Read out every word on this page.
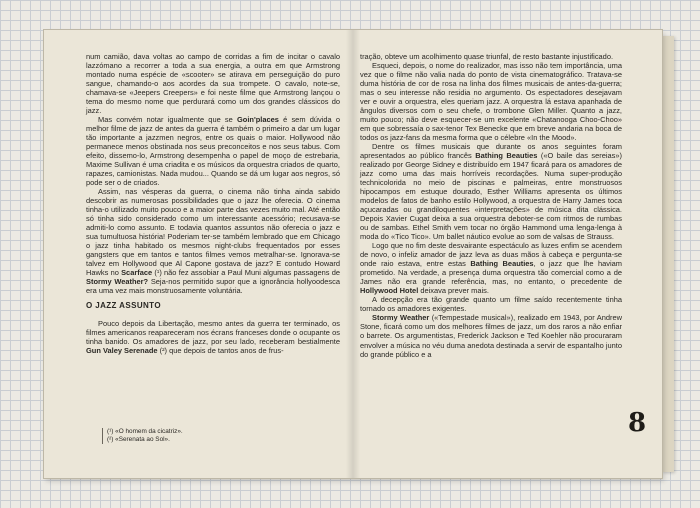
num camião, dava voltas ao campo de corridas a fim de incitar o cavalo lazzómano a recorrer a toda a sua energia, a outra em que Armstrong montado numa espécie de «scooter» se atirava em perseguição do puro sangue, chamando-o aos acordes da sua trompete. O cavalo, note-se, chamava-se «Jeepers Creepers» e foi neste filme que Armstrong lançou o tema do mesmo nome que perdurará como um dos grandes clássicos do jazz.

Mas convém notar igualmente que se Goin'places é sem dúvida o melhor filme de jazz de antes da guerra é também o primeiro a dar um lugar tão importante a jazzmen negros, entre os quais o maior. Hollywood não permanece menos obstinada nos seus preconceitos e nos seus tabus. Com efeito, dissemo-lo, Armstrong desempenha o papel de moço de estrebaria, Maxime Sullivan é uma criadita e os músicos da orquestra criados de quarto, rapazes, camionistas. Nada mudou... Quando se dá um lugar aos negros, só pode ser o de criados.

Assim, nas vésperas da guerra, o cinema não tinha ainda sabido descobrir as numerosas possibilidades que o jazz lhe oferecia. O cinema tinha-o utilizado muito pouco e a maior parte das vezes muito mal. Até então só tinha sido considerado como um interessante acessório; recusava-se admiti-lo como assunto. E todavia quantos assuntos não oferecia o jazz e sua tumultuosa história! Poderiam ter-se também lembrado que em Chicago o jazz tinha habitado os mesmos night-clubs frequentados por esses gangsters que em tantos e tantos filmes vemos metralhar-se. Ignorava-se talvez em Hollywood que Al Capone gostava de jazz? E contudo Howard Hawks no Scarface (¹) não fez assobiar a Paul Muni algumas passagens de Stormy Weather? Seja-nos permitido supor que a ignorância hollyoodesca era uma vez mais monstruosamente voluntária.

O JAZZ ASSUNTO

Pouco depois da Libertação, mesmo antes da guerra ter terminado, os filmes americanos reapareceram nos écrans franceses donde o ocupante os tinha banido. Os amadores de jazz, por seu lado, receberam bestialmente Gun Valey Serenade (²) que depois de tantos anos de frus-

(¹) «O homem da cicatriz».
(²) «Serenata ao Sol».

tração, obteve um acolhimento quase triunfal, de resto bastante injustificado.

Esqueci, depois, o nome do realizador, mas isso não tem importância, uma vez que o filme não valia nada do ponto de vista cinematográfico. Tratava-se duma história de cor de rosa na linha dos filmes musicais de antes-da-guerra; mas o seu interesse não residia no argumento. Os espectadores desejavam ver e ouvir a orquestra, eles queriam jazz. A orquestra lá estava apanhada de ângulos diversos com o seu chefe, o trombone Glen Miller. Quanto a jazz, muito pouco; não deve esquecer-se um excelente «Chatanooga Choo-Choo» em que sobressaía o sax-tenor Tex Benecke que em breve andaria na boca de todos os jazz-fans da mesma forma que o célebre «In the Mood».

Dentre os filmes musicais que durante os anos seguintes foram apresentados ao público francês Bathing Beauties («O baile das sereias») realizado por George Sidney e distribuído em 1947 ficará para os amadores de jazz como uma das mais horríveis recordações. Numa super-produção technicolorida no meio de piscinas e palmeiras, entre monstruosos hipocampos em estuque dourado, Esther Williams apresenta os últimos modelos de fatos de banho estilo Hollywood, a orquestra de Harry James toca açucaradas ou grandiloquentes «interpretações» de música dita clássica. Depois Xavier Cugat deixa a sua orquestra deboter-se com ritmos de rumbas ou de sambas. Ethel Smith vem tocar no órgão Hammond uma lenga-lenga à moda do «Tico Tico». Um ballet náutico evolue ao som de valsas de Strauss.

Logo que no fim deste desvairante espectáculo as luzes enfim se acendem de novo, o infeliz amador de jazz leva as duas mãos à cabeça e pergunta-se onde raio estava, entre estas Bathing Beauties, o jazz que lhe haviam prometido. Na verdade, a presença duma orquestra tão comercial como a de James não era grande referência, mas, no entanto, o precedente de Hollywood Hotel deixava prever mais.

A decepção era tão grande quanto um filme saído recentemente tinha tornado os amadores exigentes.

Stormy Weather («Tempestade musical»), realizado em 1943, por Andrew Stone, ficará como um dos melhores filmes de jazz, um dos raros a não enfiar o barrete. Os argumentistas, Frederick Jackson e Ted Koehler não procuraram envolver a música no véu duma anedota destinada a servir de espantalho junto do grande público e a

8
